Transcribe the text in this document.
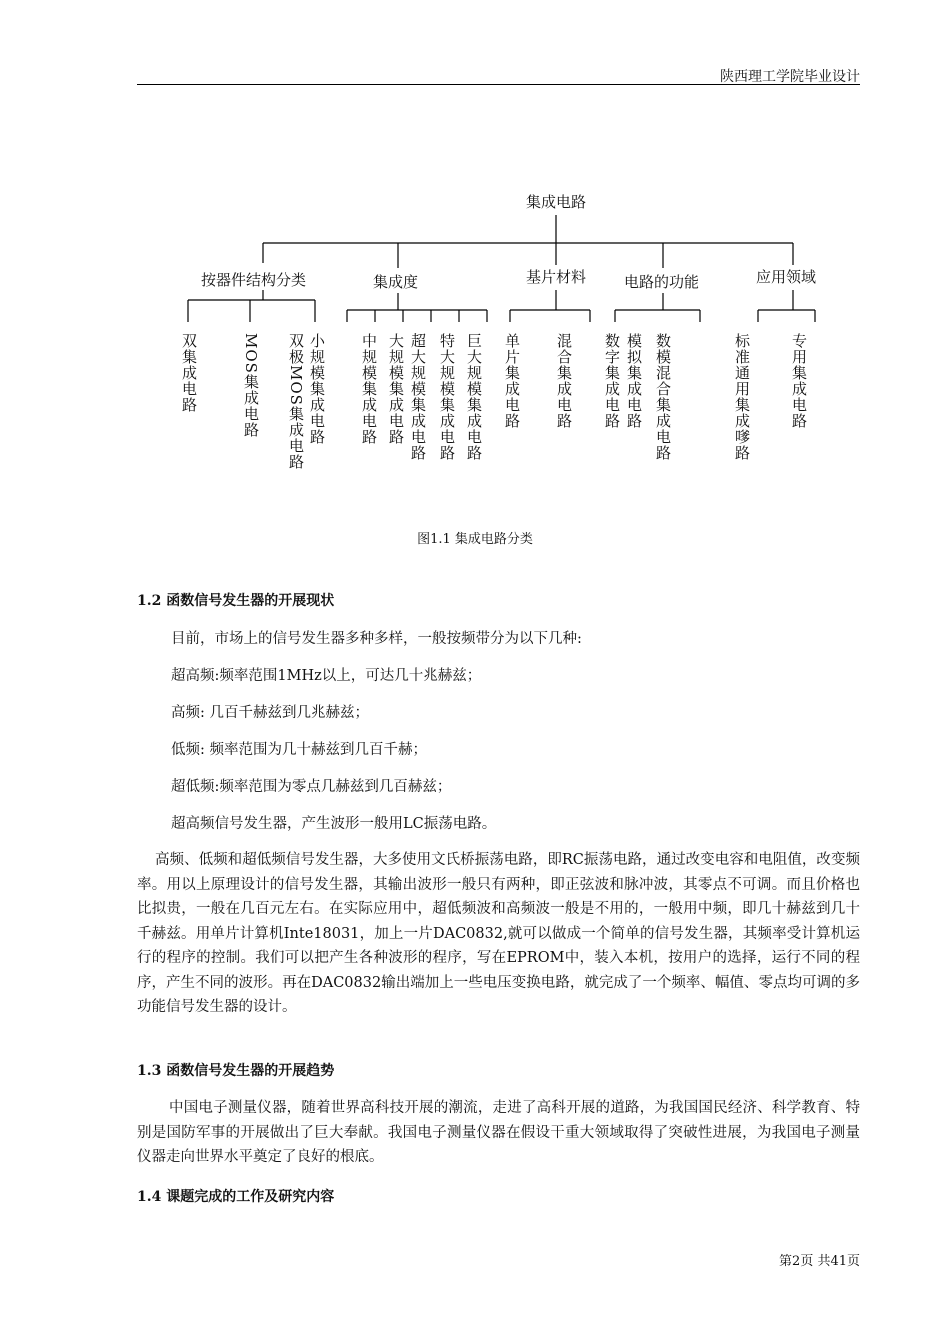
陕西理工学院毕业设计
集成电路
按器件结构分类	集成度	基片材料	电路的功能	应用领域
双集成电路	MOS集成电路 双极MOS集成电路 小规模集成电路 中规模集成电路 大规模集成电路 超大规模集成电路 特大规模集成电路 巨大规模集成电路 单片集成电路 混合集成电路 数字集成电路 模拟集成电路 数模混合集成电路	标准通用集成嗲路	专用集成电路
图1.1 集成电路分类
1.2 函数信号发生器的开展现状
目前，市场上的信号发生器多种多样，一般按频带分为以下几种:
超高频:频率范围1MHz以上，可达几十兆赫兹；
高频: 几百千赫兹到几兆赫兹；
低频: 频率范围为几十赫兹到几百千赫；
超低频:频率范围为零点几赫兹到几百赫兹；
超高频信号发生器，产生波形一般用LC振荡电路。

高频、低频和超低频信号发生器，大多使用文氏桥振荡电路，即RC振荡电路，通过改变电容和电阻值，改变频率。用以上原理设计的信号发生器，其输出波形一般只有两种，即正弦波和脉冲波，其零点不可调。而且价格也比拟贵，一般在几百元左右。在实际应用中，超低频波和高频波一般是不用的，一般用中频，即几十赫兹到几十千赫兹。用单片计算机Inte18031，加上一片DAC0832,就可以做成一个简单的信号发生器，其频率受计算机运行的程序的控制。我们可以把产生各种波形的程序，写在EPROM中，装入本机，按用户的选择，运行不同的程序，产生不同的波形。再在DAC0832输出端加上一些电压变换电路，就完成了一个频率、幅值、零点均可调的多功能信号发生器的设计。

1.3 函数信号发生器的开展趋势

中国电子测量仪器，随着世界高科技开展的潮流，走进了高科开展的道路，为我国国民经济、科学教育、特别是国防军事的开展做出了巨大奉献。我国电子测量仪器在假设干重大领域取得了突破性进展，为我国电子测量仪器走向世界水平奠定了良好的根底。

1.4 课题完成的工作及研究内容
第2页 共41页
